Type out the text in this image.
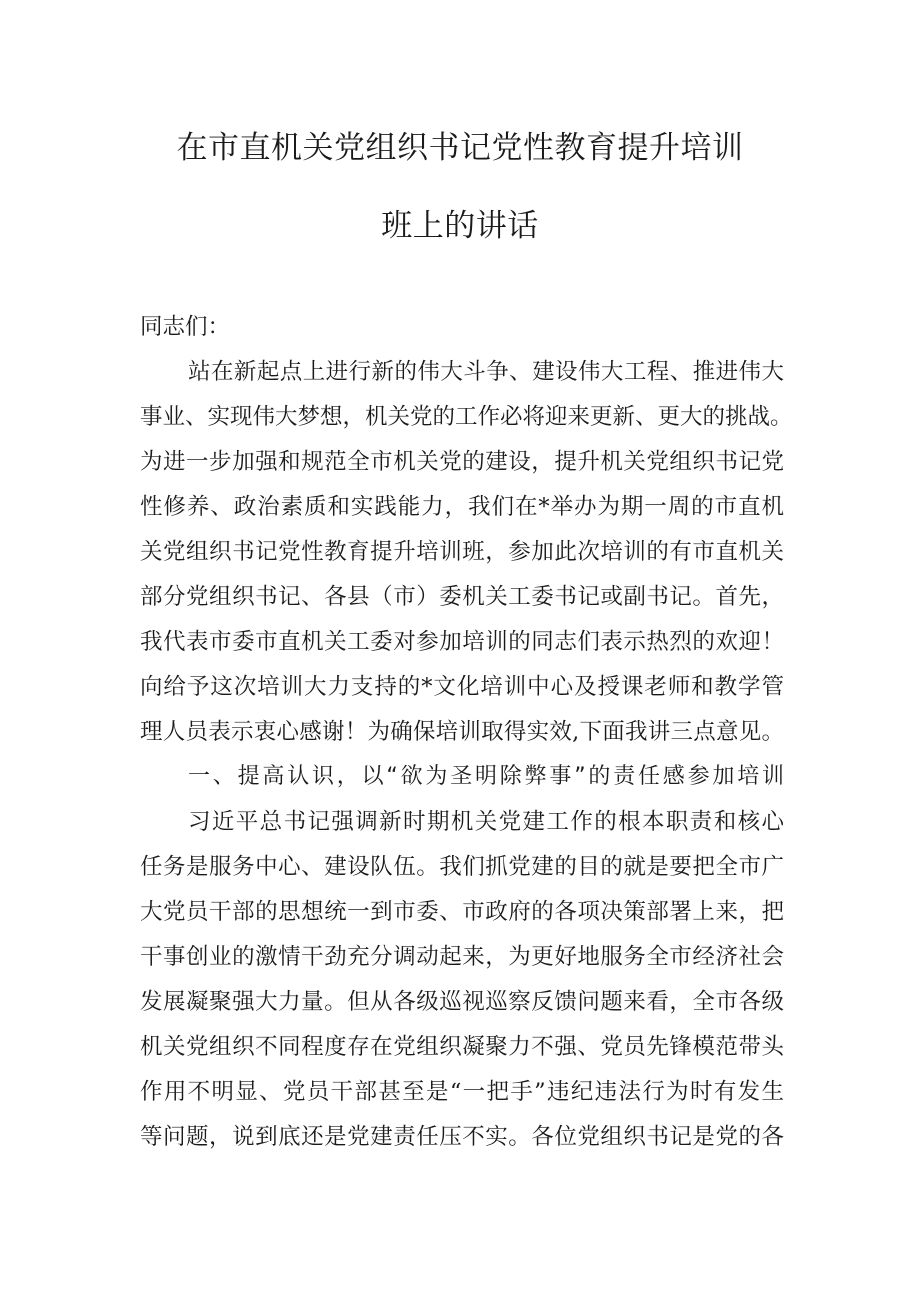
在市直机关党组织书记党性教育提升培训
班上的讲话
同志们：
站在新起点上进行新的伟大斗争、建设伟大工程、推进伟大
事业、实现伟大梦想，机关党的工作必将迎来更新、更大的挑战。
为进一步加强和规范全市机关党的建设，提升机关党组织书记党
性修养、政治素质和实践能力，我们在*举办为期一周的市直机
关党组织书记党性教育提升培训班，参加此次培训的有市直机关
部分党组织书记、各县（市）委机关工委书记或副书记。首先，
我代表市委市直机关工委对参加培训的同志们表示热烈的欢迎！
向给予这次培训大力支持的*文化培训中心及授课老师和教学管
理人员表示衷心感谢！为确保培训取得实效,下面我讲三点意见。
一、提高认识，以“欲为圣明除弊事”的责任感参加培训
习近平总书记强调新时期机关党建工作的根本职责和核心
任务是服务中心、建设队伍。我们抓党建的目的就是要把全市广
大党员干部的思想统一到市委、市政府的各项决策部署上来，把
干事创业的激情干劲充分调动起来，为更好地服务全市经济社会
发展凝聚强大力量。但从各级巡视巡察反馈问题来看，全市各级
机关党组织不同程度存在党组织凝聚力不强、党员先锋模范带头
作用不明显、党员干部甚至是“一把手”违纪违法行为时有发生
等问题，说到底还是党建责任压不实。各位党组织书记是党的各
